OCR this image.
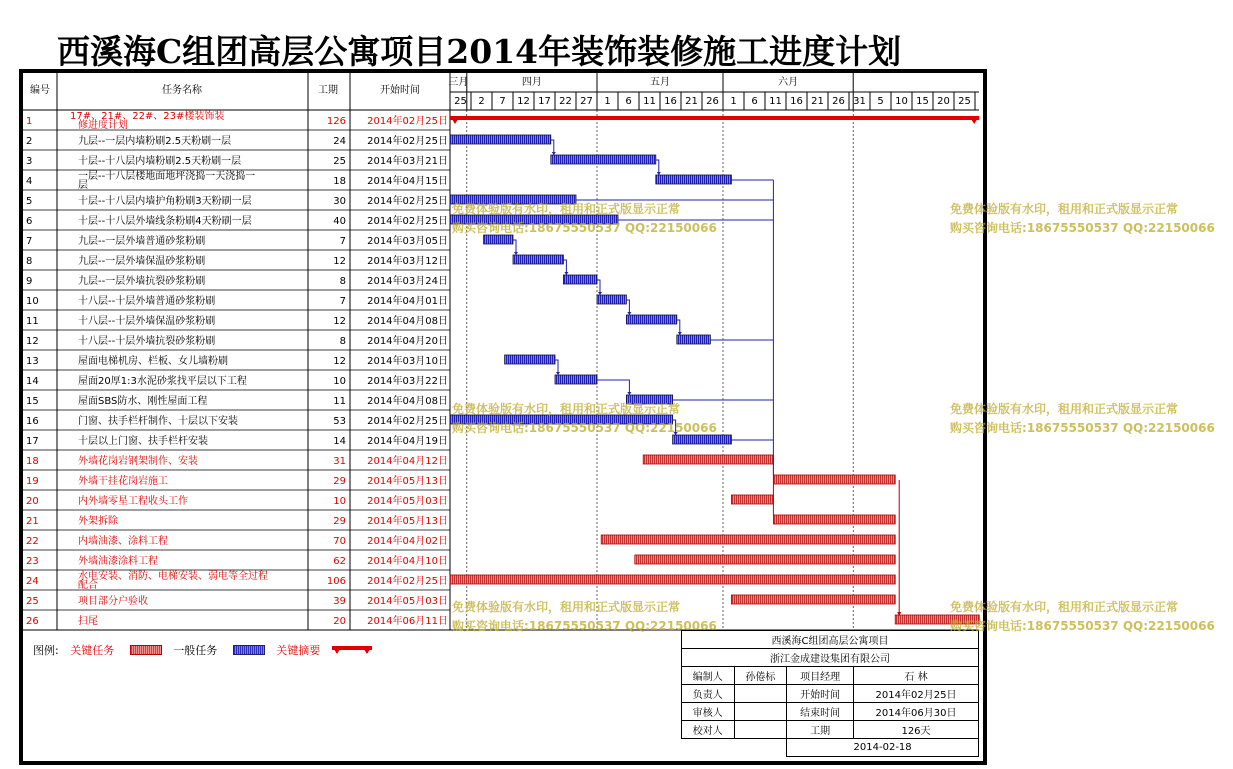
西溪海C组团高层公寓项目2014年装饰装修施工进度计划
编号	任务名称	工期	开始时间
三月	四月	五月	六月
25 2 7 12 17 22 27 1 6 11 16 21 26 1 6 11 16 21 26 31 5 10 15 20 25
1	17#、21#、22#、23#楼装饰装
修进度计划	126 2014年02月25日
2	九层--一层内墙粉刷2.5天粉刷一层	24 2014年02月25日
3	十层--十八层内墙粉刷2.5天粉刷一层	25 2014年03月21日
4	一层--十八层楼地面地坪浇捣一天浇捣一
层	18 2014年04月15日
5	十层--十八层内墙护角粉刷3天粉刷一层	30 2014年02月25日
6	十层--十八层外墙线条粉刷4天粉刷一层	40 2014年02月25日
7	九层--一层外墙普通砂浆粉刷	7 2014年03月05日
8	九层--一层外墙保温砂浆粉刷	12 2014年03月12日
9	九层--一层外墙抗裂砂浆粉刷	8 2014年03月24日
10	十八层--十层外墙普通砂浆粉刷	7 2014年04月01日
11	十八层--十层外墙保温砂浆粉刷	12 2014年04月08日
12	十八层--十层外墙抗裂砂浆粉刷	8 2014年04月20日
13	屋面电梯机房、栏板、女儿墙粉刷	12 2014年03月10日
14	屋面20厚1:3水泥砂浆找平层以下工程	10 2014年03月22日
15	屋面SBS防水、刚性屋面工程	11 2014年04月08日
16	门窗、扶手栏杆制作、十层以下安装	53 2014年02月25日
17	十层以上门窗、扶手栏杆安装	14 2014年04月19日
18	外墙花岗岩钢架制作、安装	31 2014年04月12日
19	外墙干挂花岗岩施工	29 2014年05月13日
20	内外墙零星工程收头工作	10 2014年05月03日
21	外架拆除	29 2014年05月13日
22	内墙油漆、涂料工程	70 2014年04月02日
23	外墙油漆涂料工程	62 2014年04月10日
24	水电安装、消防、电梯安装、弱电等全过程
配合	106 2014年02月25日
25	项目部分户验收	39 2014年05月03日
26	扫尾	20 2014年06月11日
图例: 关键任务	一般任务	关键摘要
西溪海C组团高层公寓项目			
浙江金成建设集团有限公司			
编制人	孙倦标	项目经理	石 林
负责人		开始时间	2014年02月25日
审核人		结束时间	2014年06月30日
校对人		工期	126天
		2014-02-18	
免费体验版有水印，租用和正式版显示正常
购买咨询电话:18675550537 QQ:22150066
免费体验版有水印，租用和正式版显示正常
购买咨询电话:18675550537 QQ:22150066
免费体验版有水印，租用和正式版显示正常
购买咨询电话:18675550537 QQ:22150066
免费体验版有水印，租用和正式版显示正常
购买咨询电话:18675550537 QQ:22150066
免费体验版有水印，租用和正式版显示正常
购买咨询电话:18675550537 QQ:22150066
免费体验版有水印，租用和正式版显示正常
购买咨询电话:18675550537 QQ:22150066
